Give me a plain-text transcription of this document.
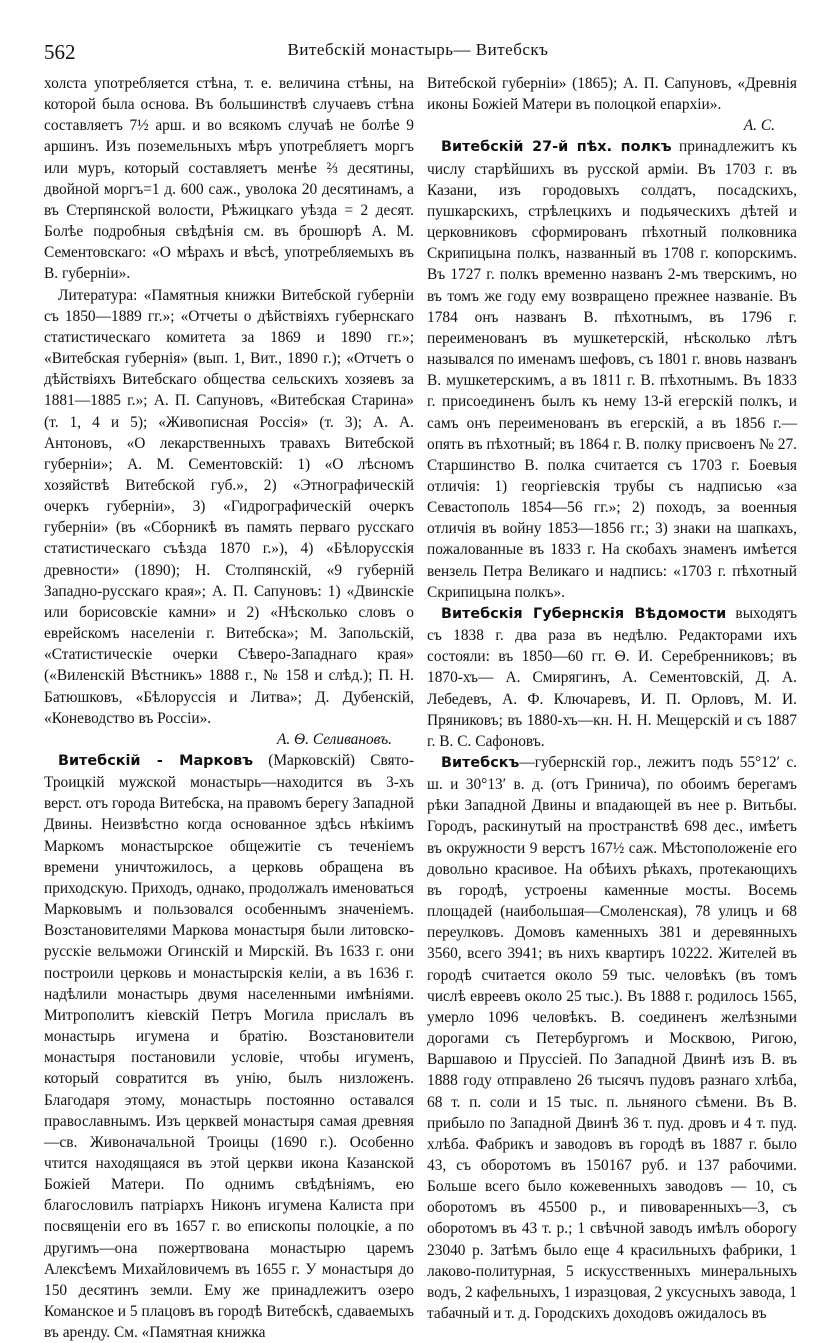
562	Витебскій монастырь— Витебскъ

холста употребляется стѣна, т. е. величина стѣны, на которой была основа. Въ большинствѣ случаевъ стѣна составляетъ 7½ арш. и во всякомъ случаѣ не болѣе 9 аршинъ. Изъ поземельныхъ мѣръ употребляетъ моргъ или муръ, который составляетъ менѣе ⅔ десятины, двойной моргъ=1 д. 600 саж., уволока 20 десятинамъ, а въ Стерпянской волости, Рѣжицкаго уѣзда = 2 десят. Болѣе подробныя свѣдѣнія см. въ брошюрѣ А. М. Сементовскаго: «О мѣрахъ и вѣсѣ, употребляемыхъ въ В. губерніи».

Литература: «Памятныя книжки Витебской губерніи съ 1850—1889 гг.»; «Отчеты о дѣйствіяхъ губернскаго статистическаго комитета за 1869 и 1890 гг.»; «Витебская губернія» (вып. 1, Вит., 1890 г.); «Отчетъ о дѣйствіяхъ Витебскаго общества сельскихъ хозяевъ за 1881—1885 г.»; А. П. Сапуновъ, «Витебская Старина» (т. 1, 4 и 5); «Живописная Россія» (т. 3); А. А. Антоновъ, «О лекарственныхъ травахъ Витебской губерніи»; А. М. Сементовскій: 1) «О лѣсномъ хозяйствѣ Витебской губ.», 2) «Этнографическій очеркъ губерніи», 3) «Гидрографическій очеркъ губерніи» (въ «Сборникѣ въ память перваго русскаго статистическаго съѣзда 1870 г.»), 4) «Бѣлорусскія древности» (1890); Н. Столпянскій, «9 губерній Западно-русскаго края»; А. П. Сапуновъ: 1) «Двинскіе или борисовскіе камни» и 2) «Нѣсколько словъ о еврейскомъ населеніи г. Витебска»; М. Запольскій, «Статистическіе очерки Сѣверо-Западнаго края» («Виленскій Вѣстникъ» 1888 г., № 158 и слѣд.); П. Н. Батюшковъ, «Бѣлоруссія и Литва»; Д. Дубенскій, «Коневодство въ Россіи».

А. Ѳ. Селивановъ.

Витебскій - Марковъ (Марковскій) Свято-Троицкій мужской монастырь—находится въ 3-хъ верст. отъ города Витебска, на правомъ берегу Западной Двины. Неизвѣстно когда основанное здѣсь нѣкіимъ Маркомъ монастырское общежитіе съ теченіемъ времени уничтожилось, а церковь обращена въ приходскую. Приходъ, однако, продолжалъ именоваться Марковымъ и пользовался особеннымъ значеніемъ. Возстановителями Маркова монастыря были литовско-русскіе вельможи Огинскій и Мирскій. Въ 1633 г. они построили церковь и монастырскія келіи, а въ 1636 г. надѣлили монастырь двумя населенными имѣніями. Митрополитъ кіевскій Петръ Могила прислалъ въ монастырь игумена и братію. Возстановители монастыря постановили условіе, чтобы игуменъ, который совратится въ унію, былъ низложенъ. Благодаря этому, монастырь постоянно оставался православнымъ. Изъ церквей монастыря самая древняя—св. Живоначальной Троицы (1690 г.). Особенно чтится находящаяся въ этой церкви икона Казанской Божіей Матери. По однимъ свѣдѣніямъ, ею благословилъ патріархъ Никонъ игумена Калиста при посвященіи его въ 1657 г. во епископы полоцкіе, а по другимъ—она пожертвована монастырю царемъ Алексѣемъ Михайловичемъ въ 1655 г. У монастыря до 150 десятинъ земли. Ему же принадлежитъ озеро Команское и 5 плацовъ въ городѣ Витебскѣ, сдаваемыхъ въ аренду. См. «Памятная книжка

Витебской губерніи» (1865); А. П. Сапуновъ, «Древнія иконы Божіей Матери въ полоцкой епархіи».

А. С.

Витебскій 27-й пѣх. полкъ принадлежитъ къ числу старѣйшихъ въ русской арміи. Въ 1703 г. въ Казани, изъ городовыхъ солдатъ, посадскихъ, пушкарскихъ, стрѣлецкихъ и подьяческихъ дѣтей и церковниковъ сформированъ пѣхотный полковникa Скрипицына полкъ, названный въ 1708 г. копорскимъ. Въ 1727 г. полкъ временно названъ 2-мъ тверскимъ, но въ томъ же году ему возвращено прежнее названіе. Въ 1784 онъ названъ В. пѣхотнымъ, въ 1796 г. переименованъ въ мушкетерскій, нѣсколько лѣтъ назывался по именамъ шефовъ, съ 1801 г. вновь названъ В. мушкетерскимъ, а въ 1811 г. В. пѣхотнымъ. Въ 1833 г. присоединенъ былъ къ нему 13-й егерскій полкъ, и самъ онъ переименованъ въ егерскій, а въ 1856 г.—опять въ пѣхотный; въ 1864 г. В. полку присвоенъ № 27. Старшинство В. полка считается съ 1703 г. Боевыя отличія: 1) георгіевскія трубы съ надписью «за Севастополь 1854—56 гг.»; 2) походъ, за военныя отличія въ войну 1853—1856 гг.; 3) знаки на шапкахъ, пожалованные въ 1833 г. На скобахъ знаменъ имѣется вензель Петра Великаго и надпись: «1703 г. пѣхотный Скрипицына полкъ».

Витебскія Губернскія Вѣдомости выходятъ съ 1838 г. два раза въ недѣлю. Редакторами ихъ состояли: въ 1850—60 гг. Ѳ. И. Серебренниковъ; въ 1870-хъ— А. Смирягинъ, А. Сементовскій, Д. А. Лебедевъ, А. Ф. Ключаревъ, И. П. Орловъ, М. И. Пряниковъ; въ 1880-хъ—кн. Н. Н. Мещерскій и съ 1887 г. В. С. Сафоновъ.

Витебскъ—губернскій гор., лежитъ подъ 55°12′ с. ш. и 30°13′ в. д. (отъ Гринича), по обоимъ берегамъ рѣки Западной Двины и впадающей въ нее р. Витьбы. Городъ, раскинутый на пространствѣ 698 дес., имѣетъ въ окружности 9 верстъ 167½ саж. Мѣстоположеніе его довольно красивое. На обѣихъ рѣкахъ, протекающихъ въ городѣ, устроены каменные мосты. Восемь площадей (наибольшая—Смоленская), 78 улицъ и 68 переулковъ. Домовъ каменныхъ 381 и деревянныхъ 3560, всего 3941; въ нихъ квартиръ 10222. Жителей въ городѣ считается около 59 тыс. человѣкъ (въ томъ числѣ евреевъ около 25 тыс.). Въ 1888 г. родилось 1565, умерло 1096 человѣкъ. В. соединенъ желѣзными дорогами съ Петербургомъ и Москвою, Ригою, Варшавою и Пруссіей. По Западной Двинѣ изъ В. въ 1888 году отправлено 26 тысячъ пудовъ разнаго хлѣба, 68 т. п. соли и 15 тыс. п. льняного сѣмени. Въ В. прибыло по Западной Двинѣ 36 т. пуд. дровъ и 4 т. пуд. хлѣба. Фабрикъ и заводовъ въ городѣ въ 1887 г. было 43, съ оборотомъ въ 150167 руб. и 137 рабочими. Больше всего было кожевенныхъ заводовъ — 10, съ оборотомъ въ 45500 р., и пивоваренныхъ—3, съ оборотомъ въ 43 т. р.; 1 свѣчной заводъ имѣлъ оборогу 23040 р. Затѣмъ было еще 4 красильныхъ фабрики, 1 лаково-политурная, 5 искусственныхъ минеральныхъ водъ, 2 кафельныхъ, 1 изразцовая, 2 уксусныхъ завода, 1 табачный и т. д. Городскихъ доходовъ ожидалось въ
